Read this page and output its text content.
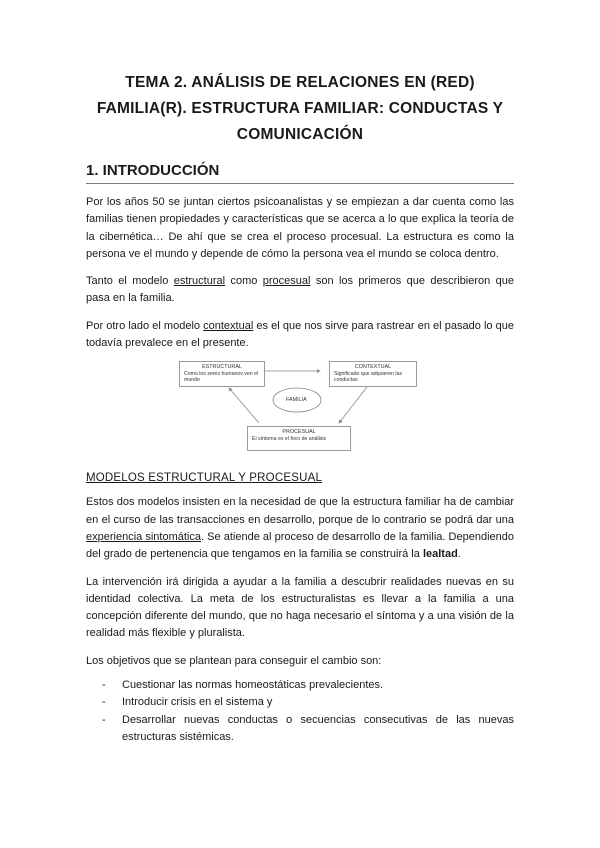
TEMA 2. ANÁLISIS DE RELACIONES EN (RED)
FAMILIA(R). ESTRUCTURA FAMILIAR: CONDUCTAS Y
COMUNICACIÓN
1. INTRODUCCIÓN

Por los años 50 se juntan ciertos psicoanalistas y se empiezan a dar cuenta como las familias tienen propiedades y características que se acerca a lo que explica la teoría de la cibernética… De ahí que se crea el proceso procesual. La estructura es como la persona ve el mundo y depende de cómo la persona vea el mundo se coloca dentro.

Tanto el modelo estructural como procesual son los primeros que describieron que pasa en la familia.

Por otro lado el modelo contextual es el que nos sirve para rastrear en el pasado lo que todavía prevalece en el presente.

ESTRUCTURAL
Como los seres humanos ven el mundo
CONTEXTUAL
Significado que adquieren las conductas
FAMILIA
PROCESUAL
El síntoma es el foco de análisis
MODELOS ESTRUCTURAL Y PROCESUAL

Estos dos modelos insisten en la necesidad de que la estructura familiar ha de cambiar en el curso de las transacciones en desarrollo, porque de lo contrario se podrá dar una experiencia sintomática. Se atiende al proceso de desarrollo de la familia. Dependiendo del grado de pertenencia que tengamos en la familia se construirá la lealtad.

La intervención irá dirigida a ayudar a la familia a descubrir realidades nuevas en su identidad colectiva. La meta de los estructuralistas es llevar a la familia a una concepción diferente del mundo, que no haga necesario el síntoma y a una visión de la realidad más flexible y pluralista.

Los objetivos que se plantean para conseguir el cambio son:

- Cuestionar las normas homeostáticas prevalecientes.
- Introducir crisis en el sistema y
- Desarrollar nuevas conductas o secuencias consecutivas de las nuevas estructuras sistémicas.
